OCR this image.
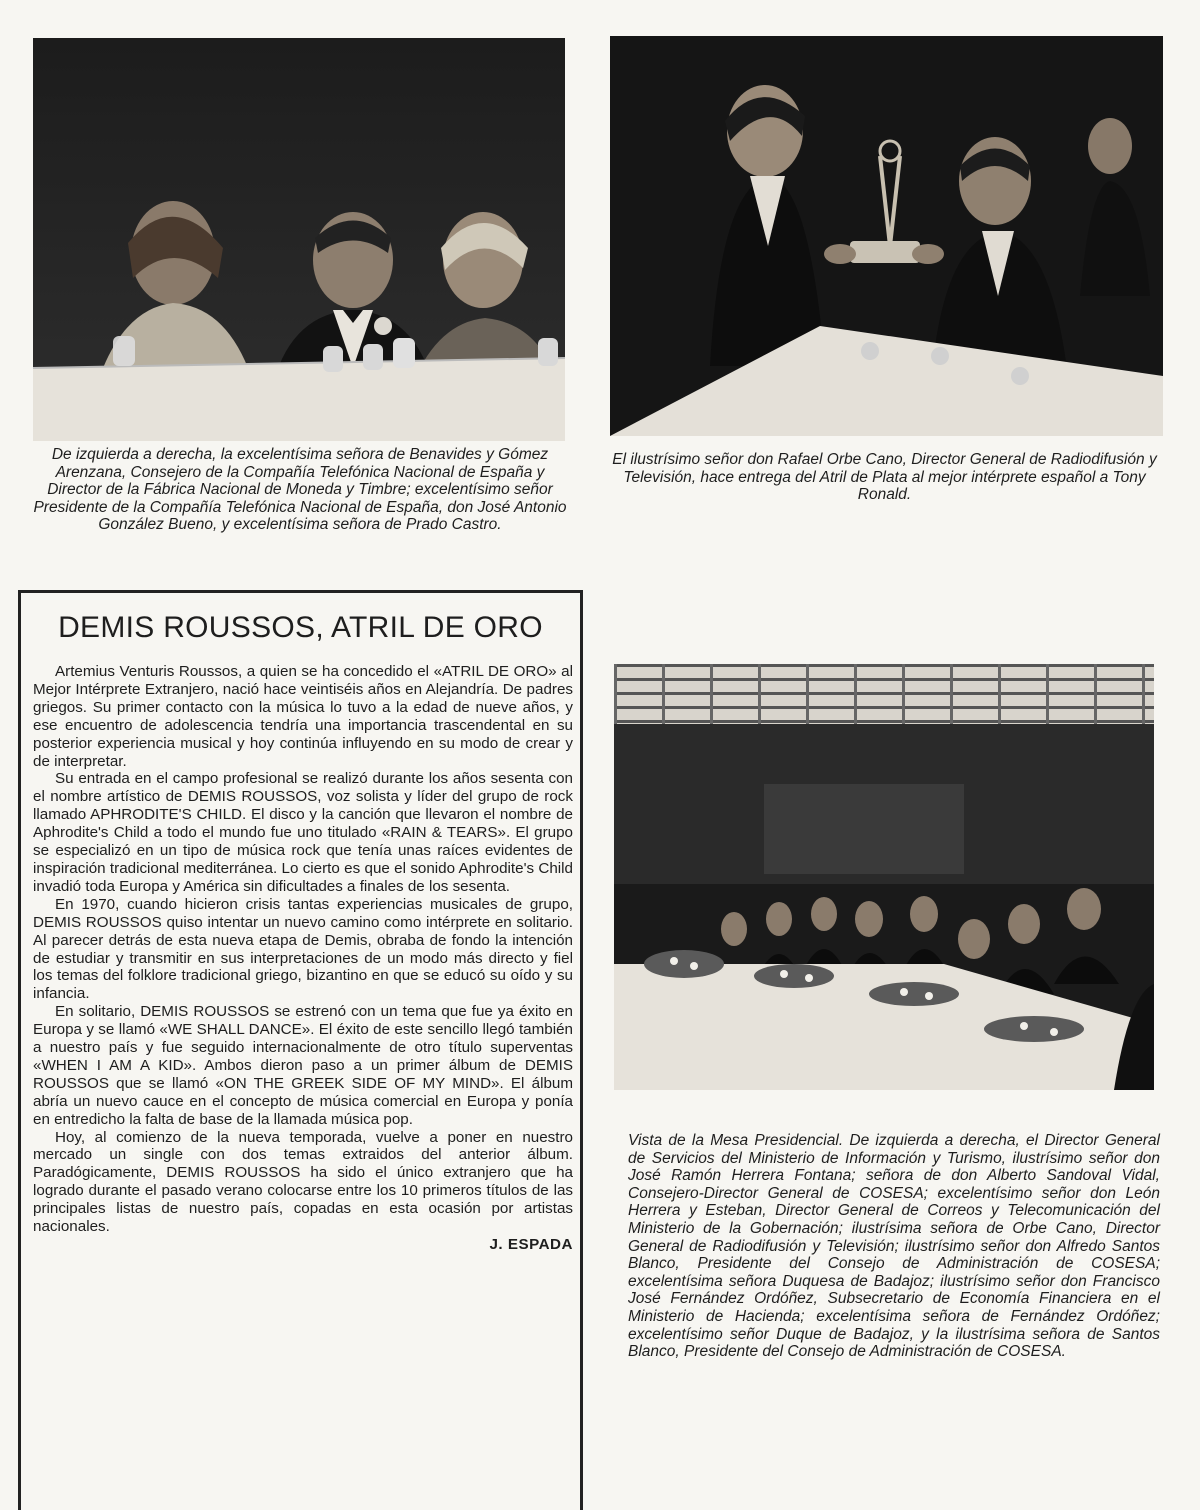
De izquierda a derecha, la excelentísima señora de Benavides y Gómez Arenzana, Consejero de la Compañía Telefónica Nacional de España y Director de la Fábrica Nacional de Moneda y Timbre; excelentísimo señor Presidente de la Compañía Telefónica Nacional de España, don José Antonio González Bueno, y excelentísima señora de Prado Castro.

El ilustrísimo señor don Rafael Orbe Cano, Director General de Radiodifusión y Televisión, hace entrega del Atril de Plata al mejor intérprete español a Tony Ronald.

DEMIS ROUSSOS, ATRIL DE ORO

Artemius Venturis Roussos, a quien se ha concedido el «ATRIL DE ORO» al Mejor Intérprete Extranjero, nació hace veintiséis años en Alejandría. De padres griegos. Su primer contacto con la música lo tuvo a la edad de nueve años, y ese encuentro de adolescencia tendría una importancia trascendental en su posterior experiencia musical y hoy continúa influyendo en su modo de crear y de interpretar.

Su entrada en el campo profesional se realizó durante los años sesenta con el nombre artístico de DEMIS ROUSSOS, voz solista y líder del grupo de rock llamado APHRODITE'S CHILD. El disco y la canción que llevaron el nombre de Aphrodite's Child a todo el mundo fue uno titulado «RAIN & TEARS». El grupo se especializó en un tipo de música rock que tenía unas raíces evidentes de inspiración tradicional mediterránea. Lo cierto es que el sonido Aphrodite's Child invadió toda Europa y América sin dificultades a finales de los sesenta.

En 1970, cuando hicieron crisis tantas experiencias musicales de grupo, DEMIS ROUSSOS quiso intentar un nuevo camino como intérprete en solitario. Al parecer detrás de esta nueva etapa de Demis, obraba de fondo la intención de estudiar y transmitir en sus interpretaciones de un modo más directo y fiel los temas del folklore tradicional griego, bizantino en que se educó su oído y su infancia.

En solitario, DEMIS ROUSSOS se estrenó con un tema que fue ya éxito en Europa y se llamó «WE SHALL DANCE». El éxito de este sencillo llegó también a nuestro país y fue seguido internacionalmente de otro título superventas «WHEN I AM A KID». Ambos dieron paso a un primer álbum de DEMIS ROUSSOS que se llamó «ON THE GREEK SIDE OF MY MIND». El álbum abría un nuevo cauce en el concepto de música comercial en Europa y ponía en entredicho la falta de base de la llamada música pop.

Hoy, al comienzo de la nueva temporada, vuelve a poner en nuestro mercado un single con dos temas extraidos del anterior álbum. Paradógicamente, DEMIS ROUSSOS ha sido el único extranjero que ha logrado durante el pasado verano colocarse entre los 10 primeros títulos de las principales listas de nuestro país, copadas en esta ocasión por artistas nacionales.

J. ESPADA

Vista de la Mesa Presidencial. De izquierda a derecha, el Director General de Servicios del Ministerio de Información y Turismo, ilustrísimo señor don José Ramón Herrera Fontana; señora de don Alberto Sandoval Vidal, Consejero-Director General de COSESA; excelentísimo señor don León Herrera y Esteban, Director General de Correos y Telecomunicación del Ministerio de la Gobernación; ilustrísima señora de Orbe Cano, Director General de Radiodifusión y Televisión; ilustrísimo señor don Alfredo Santos Blanco, Presidente del Consejo de Administración de COSESA; excelentísima señora Duquesa de Badajoz; ilustrísimo señor don Francisco José Fernández Ordóñez, Subsecretario de Economía Financiera en el Ministerio de Hacienda; excelentísima señora de Fernández Ordóñez; excelentísimo señor Duque de Badajoz, y la ilustrísima señora de Santos Blanco, Presidente del Consejo de Administración de COSESA.
